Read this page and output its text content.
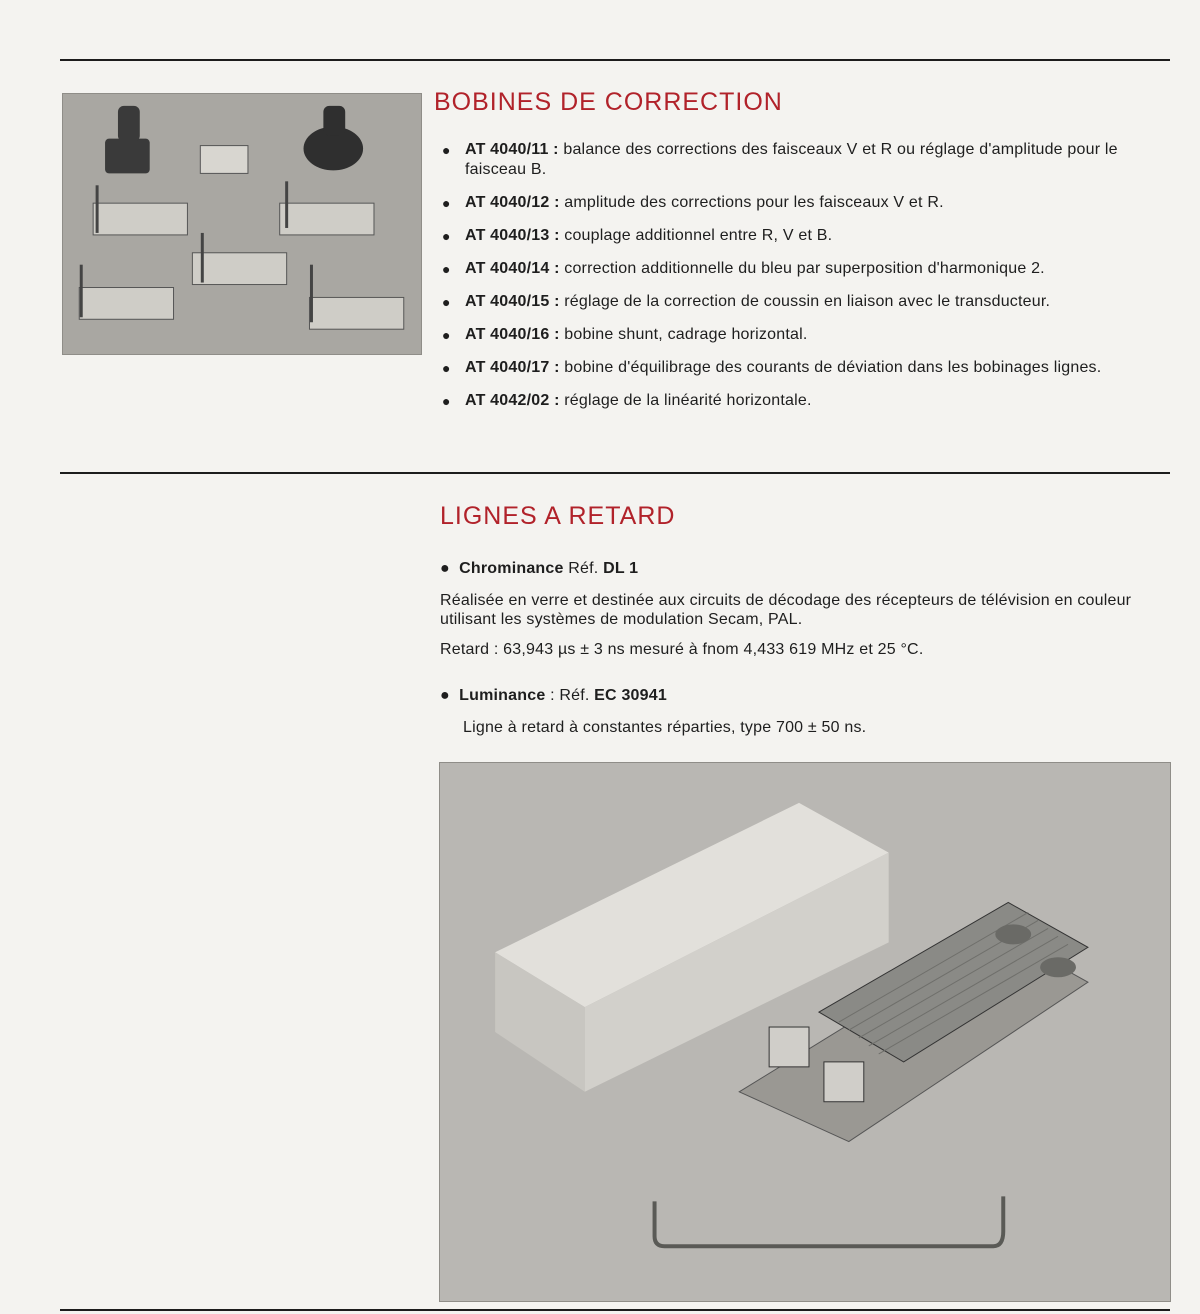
BOBINES DE CORRECTION
● AT 4040/11 : balance des corrections des faisceaux V et R ou réglage d'amplitude pour le faisceau B.
● AT 4040/12 : amplitude des corrections pour les faisceaux V et R.
● AT 4040/13 : couplage additionnel entre R, V et B.
● AT 4040/14 : correction additionnelle du bleu par superposition d'harmonique 2.
● AT 4040/15 : réglage de la correction de coussin en liaison avec le transducteur.
● AT 4040/16 : bobine shunt, cadrage horizontal.
● AT 4040/17 : bobine d'équilibrage des courants de déviation dans les bobinages lignes.
● AT 4042/02 : réglage de la linéarité horizontale.
LIGNES A RETARD
●  Chrominance Réf. DL 1
Réalisée en verre et destinée aux circuits de décodage des récepteurs de télévision en couleur utilisant les systèmes de modulation Secam, PAL.
Retard : 63,943 µs ± 3 ns mesuré à fnom 4,433 619 MHz et 25 °C.
●  Luminance : Réf. EC 30941
Ligne à retard à constantes réparties, type 700 ± 50 ns.
